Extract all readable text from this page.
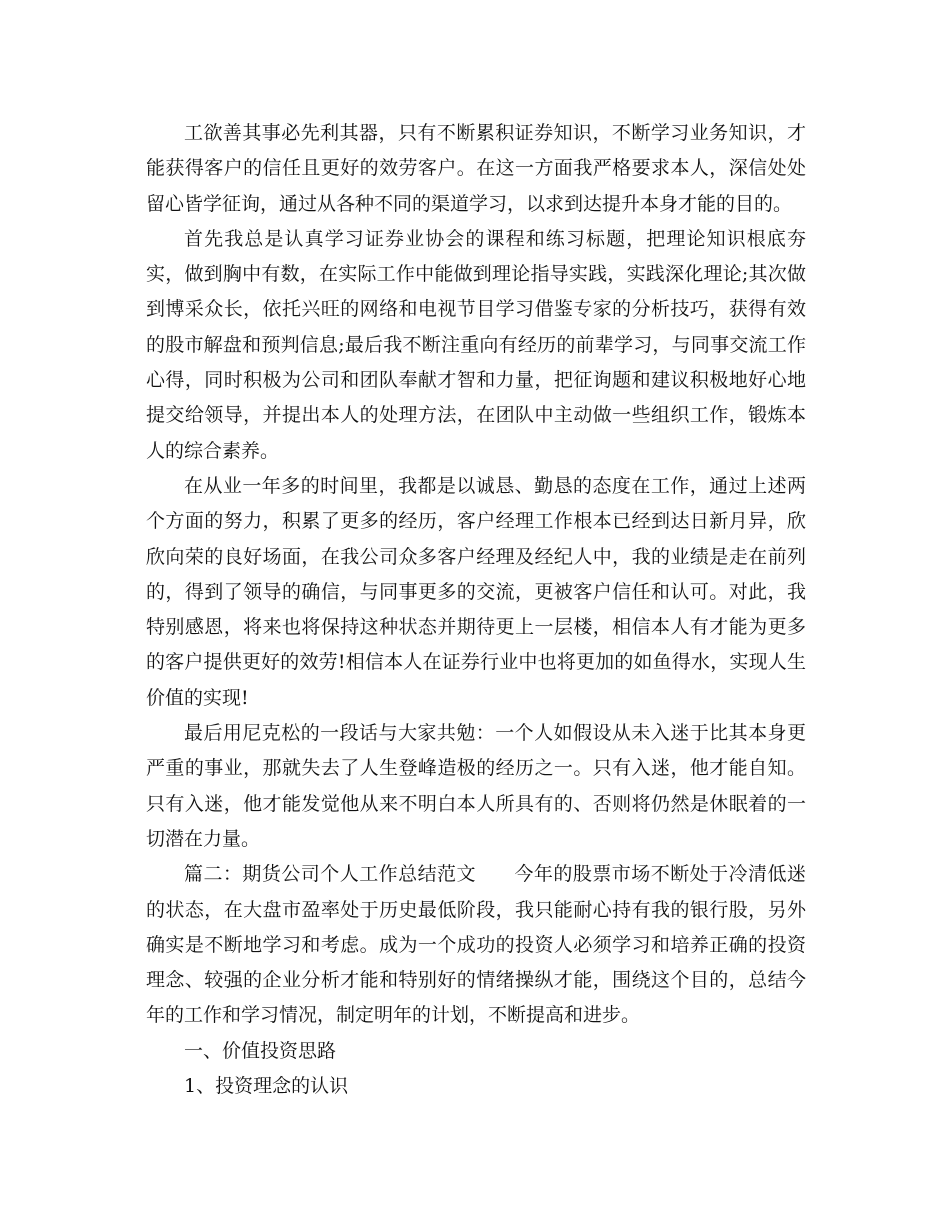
工欲善其事必先利其器，只有不断累积证券知识，不断学习业务知识，才能获得客户的信任且更好的效劳客户。在这一方面我严格要求本人，深信处处留心皆学征询，通过从各种不同的渠道学习，以求到达提升本身才能的目的。

首先我总是认真学习证券业协会的课程和练习标题，把理论知识根底夯实，做到胸中有数，在实际工作中能做到理论指导实践，实践深化理论;其次做到博采众长，依托兴旺的网络和电视节目学习借鉴专家的分析技巧，获得有效的股市解盘和预判信息;最后我不断注重向有经历的前辈学习，与同事交流工作心得，同时积极为公司和团队奉献才智和力量，把征询题和建议积极地好心地提交给领导，并提出本人的处理方法，在团队中主动做一些组织工作，锻炼本人的综合素养。

在从业一年多的时间里，我都是以诚恳、勤恳的态度在工作，通过上述两个方面的努力，积累了更多的经历，客户经理工作根本已经到达日新月异，欣欣向荣的良好场面，在我公司众多客户经理及经纪人中，我的业绩是走在前列的，得到了领导的确信，与同事更多的交流，更被客户信任和认可。对此，我特别感恩，将来也将保持这种状态并期待更上一层楼，相信本人有才能为更多的客户提供更好的效劳!相信本人在证券行业中也将更加的如鱼得水，实现人生价值的实现!

最后用尼克松的一段话与大家共勉：一个人如假设从未入迷于比其本身更严重的事业，那就失去了人生登峰造极的经历之一。只有入迷，他才能自知。只有入迷，他才能发觉他从来不明白本人所具有的、否则将仍然是休眠着的一切潜在力量。

篇二：期货公司个人工作总结范文 今年的股票市场不断处于冷清低迷的状态，在大盘市盈率处于历史最低阶段，我只能耐心持有我的银行股，另外确实是不断地学习和考虑。成为一个成功的投资人必须学习和培养正确的投资理念、较强的企业分析才能和特别好的情绪操纵才能，围绕这个目的，总结今年的工作和学习情况，制定明年的计划，不断提高和进步。

一、价值投资思路

1、投资理念的认识
